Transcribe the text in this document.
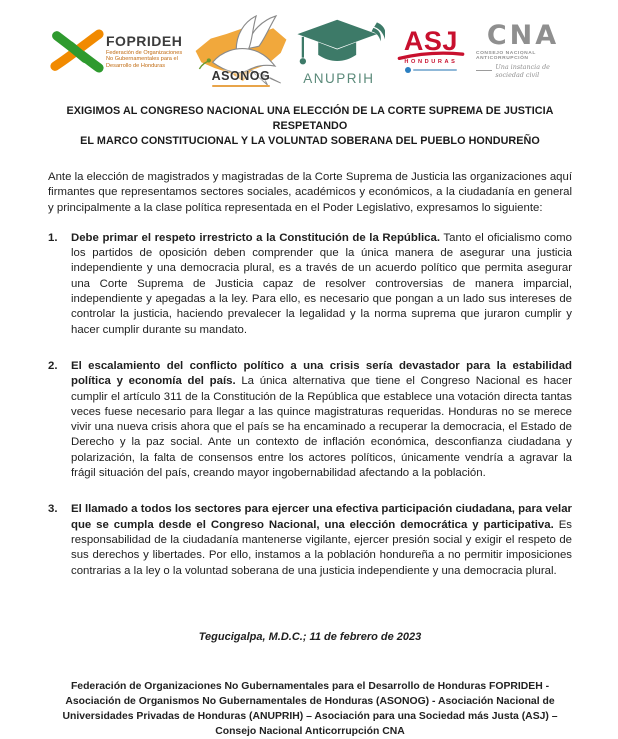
FOPRIDEH
Federación de Organizaciones No Gubernamentales para el Desarrollo de Honduras
ASONOG ANUPRIH
ASJ
HONDURAS
CNA
CONSEJO NACIONAL ANTICORRUPCIÓN
Una instancia de sociedad civil
EXIGIMOS AL CONGRESO NACIONAL UNA ELECCIÓN DE LA CORTE SUPREMA DE JUSTICIA RESPETANDO
EL MARCO CONSTITUCIONAL Y LA VOLUNTAD SOBERANA DEL PUEBLO HONDUREÑO

Ante la elección de magistrados y magistradas de la Corte Suprema de Justicia las organizaciones aquí firmantes que representamos sectores sociales, académicos y económicos, a la ciudadanía en general y principalmente a la clase política representada en el Poder Legislativo, expresamos lo siguiente:

1.	Debe primar el respeto irrestricto a la Constitución de la República. Tanto el oficialismo como los partidos de oposición deben comprender que la única manera de asegurar una justicia independiente y una democracia plural, es a través de un acuerdo político que permita asegurar una Corte Suprema de Justicia capaz de resolver controversias de manera imparcial, independiente y apegadas a la ley. Para ello, es necesario que pongan a un lado sus intereses de controlar la justicia, haciendo prevalecer la legalidad y la norma suprema que juraron cumplir y hacer cumplir durante su mandato.
2.	El escalamiento del conflicto político a una crisis sería devastador para la estabilidad política y economía del país. La única alternativa que tiene el Congreso Nacional es hacer cumplir el artículo 311 de la Constitución de la República que establece una votación directa tantas veces fuese necesario para llegar a las quince magistraturas requeridas. Honduras no se merece vivir una nueva crisis ahora que el país se ha encaminado a recuperar la democracia, el Estado de Derecho y la paz social. Ante un contexto de inflación económica, desconfianza ciudadana y polarización, la falta de consensos entre los actores políticos, únicamente vendría a agravar la frágil situación del país, creando mayor ingobernabilidad afectando a la población.
3.	El llamado a todos los sectores para ejercer una efectiva participación ciudadana, para velar que se cumpla desde el Congreso Nacional, una elección democrática y participativa. Es responsabilidad de la ciudadanía mantenerse vigilante, ejercer presión social y exigir el respeto de sus derechos y libertades. Por ello, instamos a la población hondureña a no permitir imposiciones contrarias a la ley o la voluntad soberana de una justicia independiente y una democracia plural.

Tegucigalpa, M.D.C.; 11 de febrero de 2023

Federación de Organizaciones No Gubernamentales para el Desarrollo de Honduras FOPRIDEH - Asociación de Organismos No Gubernamentales de Honduras (ASONOG) - Asociación Nacional de Universidades Privadas de Honduras (ANUPRIH) – Asociación para una Sociedad más Justa (ASJ) – Consejo Nacional Anticorrupción CNA
